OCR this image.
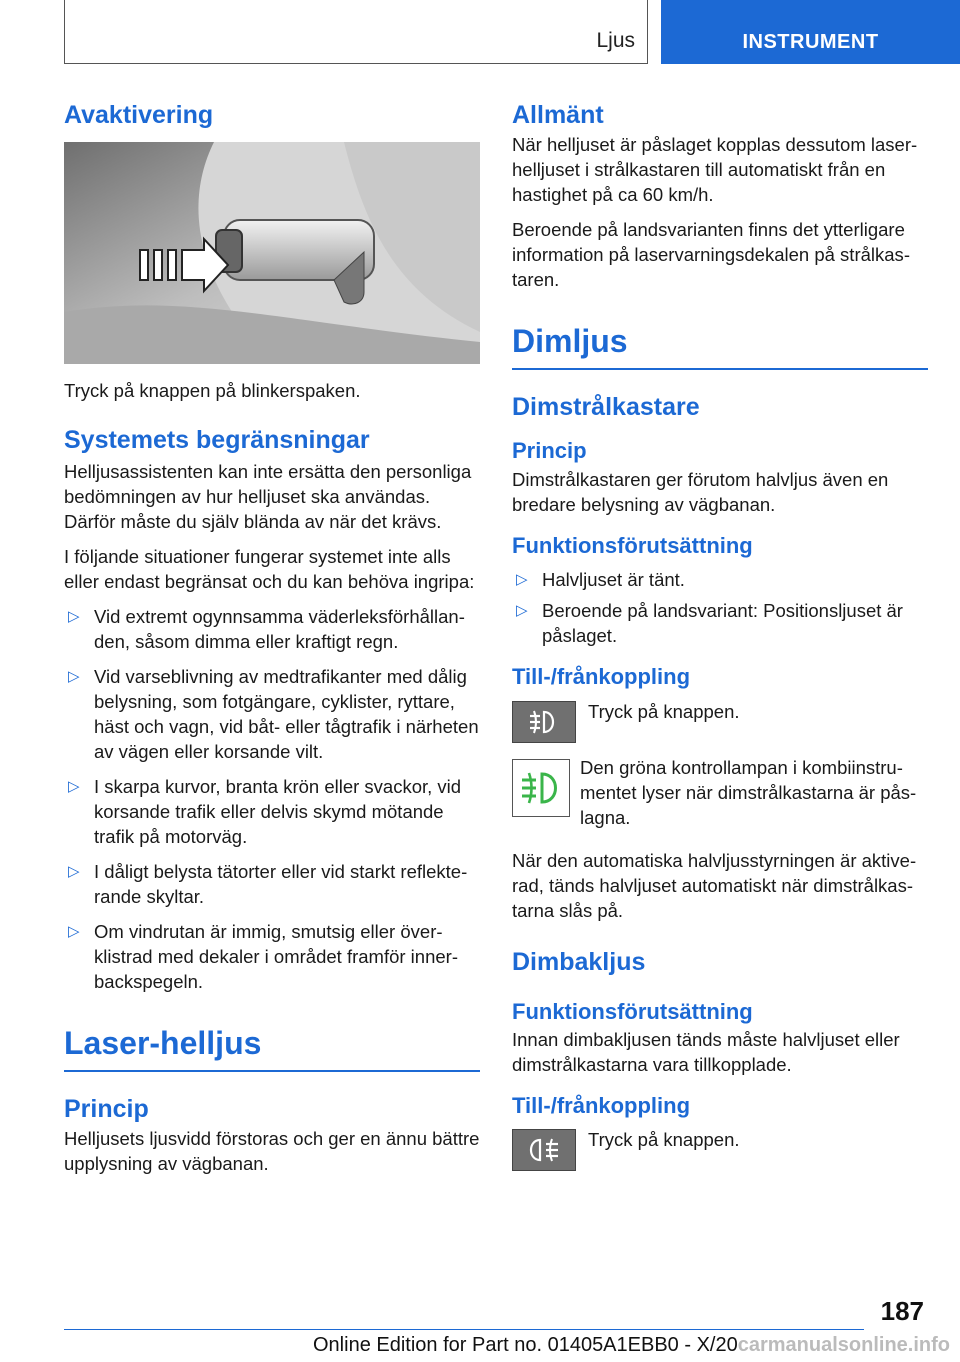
Ljus	INSTRUMENT
Avaktivering

Tryck på knappen på blinkerspaken.

Systemets begränsningar

Helljusassistenten kan inte ersätta den personliga bedömningen av hur helljuset ska användas. Därför måste du själv blända av när det krävs.

I följande situationer fungerar systemet inte alls eller endast begränsat och du kan behöva ingripa:

▷ Vid extremt ogynnsamma väderleksförhållanden, såsom dimma eller kraftigt regn.
▷ Vid varseblivning av medtrafikanter med dålig belysning, som fotgängare, cyklister, ryttare, häst och vagn, vid båt- eller tågtrafik i närheten av vägen eller korsande vilt.
▷ I skarpa kurvor, branta krön eller svackor, vid korsande trafik eller delvis skymd mötande trafik på motorväg.
▷ I dåligt belysta tätorter eller vid starkt reflekterande skyltar.
▷ Om vindrutan är immig, smutsig eller överklistrad med dekaler i området framför innerbackspegeln.
Laser-helljus
Princip

Helljusets ljusvidd förstoras och ger en ännu bättre upplysning av vägbanan.

Allmänt

När helljuset är påslaget kopplas dessutom laserhelljuset i strålkastaren till automatiskt från en hastighet på ca 60 km/h.

Beroende på landsvarianten finns det ytterligare information på laservarningsdekalen på strålkastaren.

Dimljus
Dimstrålkastare
Princip

Dimstrålkastaren ger förutom halvljus även en bredare belysning av vägbanan.

Funktionsförutsättning
▷ Halvljuset är tänt.
▷ Beroende på landsvariant: Positionsljuset är påslaget.
Till-/frånkoppling

Tryck på knappen.

Den gröna kontrollampan i kombiinstrumentet lyser när dimstrålkastarna är påslagna.

När den automatiska halvljusstyrningen är aktiverad, tänds halvljuset automatiskt när dimstrålkastarna slås på.

Dimbakljus
Funktionsförutsättning

Innan dimbakljusen tänds måste halvljuset eller dimstrålkastarna vara tillkopplade.

Till-/frånkoppling

Tryck på knappen.

187
Online Edition for Part no. 01405A1EBB0 - X/20carmanualsonline.info
